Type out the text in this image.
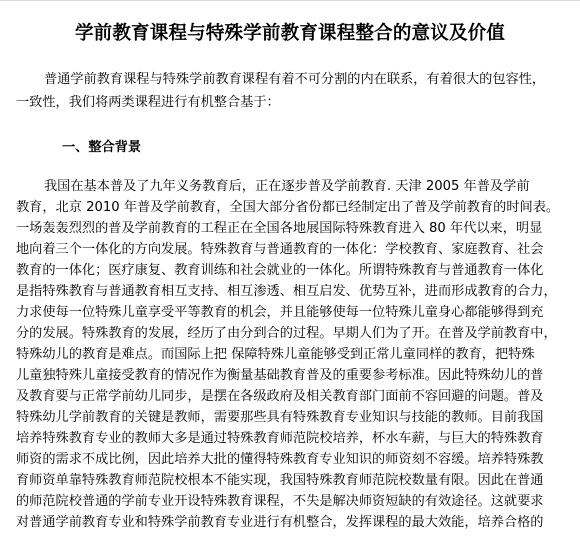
学前教育课程与特殊学前教育课程整合的意议及价值
普通学前教育课程与特殊学前教育课程有着不可分割的内在联系，有着很大的包容性，
一致性，我们将两类课程进行有机整合基于：
一、整合背景
我国在基本普及了九年义务教育后，正在逐步普及学前教育. 天津 2005 年普及学前
教育，北京 2010 年普及学前教育，全国大部分省份都已经制定出了普及学前教育的时间表。
一场轰轰烈烈的普及学前教育的工程正在全国各地展国际特殊教育进入 80 年代以来，明显
地向着三个一体化的方向发展。特殊教育与普通教育的一体化：学校教育、家庭教育、社会
教育的一体化；医疗康复、教育训练和社会就业的一体化。所谓特殊教育与普通教育一体化
是指特殊教育与普通教育相互支持、相互渗透、相互启发、优势互补，进而形成教育的合力，
力求使每一位特殊儿童享受平等教育的机会，并且能够使每一位特殊儿童身心都能够得到充
分的发展。特殊教育的发展，经历了由分到合的过程。早期人们为了开。在普及学前教育中，
特殊幼儿的教育是难点。而国际上把 保障特殊儿童能够受到正常儿童同样的教育，把特殊
儿童独特殊儿童接受教育的情况作为衡量基础教育普及的重要参考标准。因此特殊幼儿的普
及教育要与正常学前幼儿同步，是摆在各级政府及相关教育部门面前不容回避的问题。普及
特殊幼儿学前教育的关键是教师，需要那些具有特殊教育专业知识与技能的教师。目前我国
培养特殊教育专业的教师大多是通过特殊教育师范院校培养，杯水车薪，与巨大的特殊教育
师资的需求不成比例，因此培养大批的懂得特殊教育专业知识的师资刻不容缓。培养特殊教
育师资单靠特殊教育师范院校根本不能实现，我国特殊教育师范院校数量有限。因此在普通
的师范院校普通的学前专业开设特殊教育课程，不失是解决师资短缺的有效途径。这就要求
对普通学前教育专业和特殊学前教育专业进行有机整合，发挥课程的最大效能，培养合格的
